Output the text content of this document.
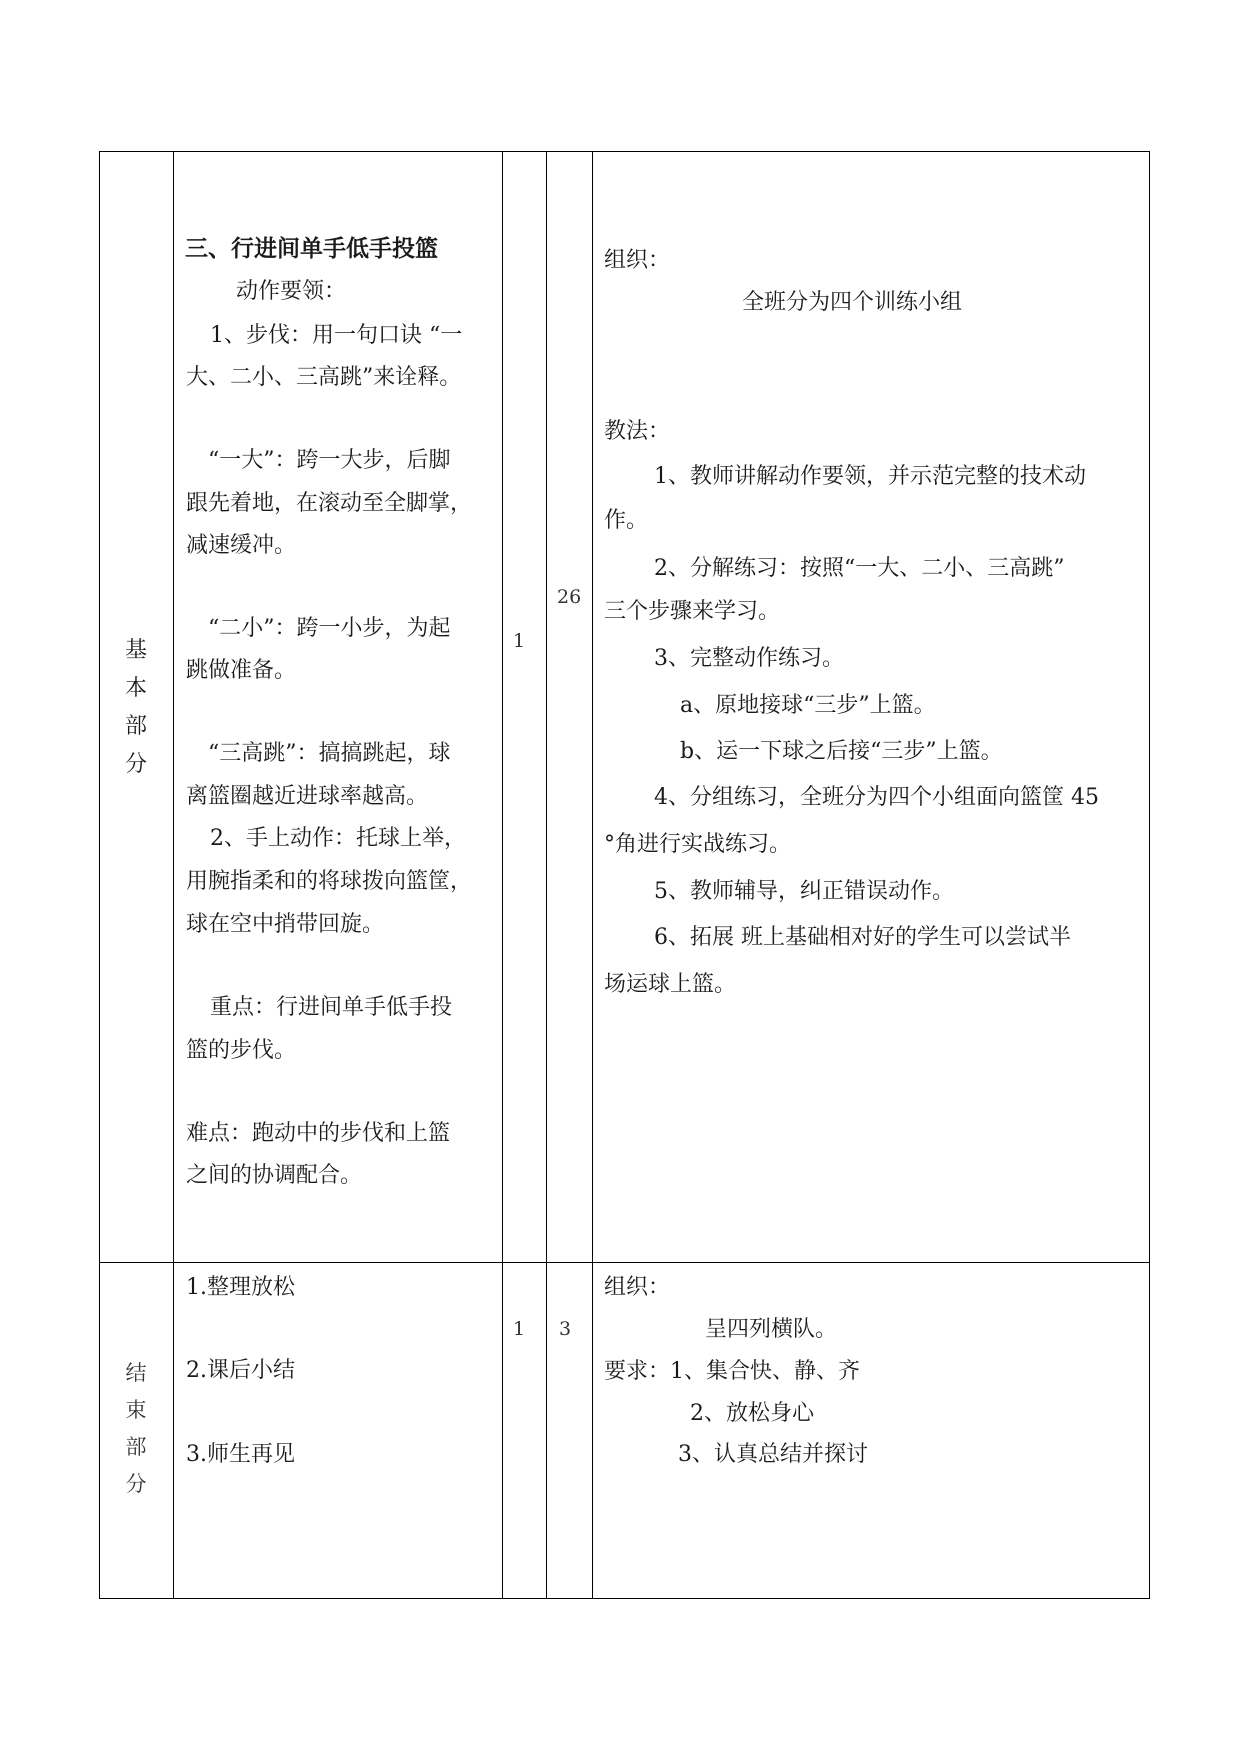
基
本
部
分
三、行进间单手低手投篮
动作要领：
1、步伐：用一句口诀 “一
大、二小、三高跳”来诠释。
“一大”：跨一大步，后脚
跟先着地，在滚动至全脚掌，
减速缓冲。
“二小”：跨一小步，为起
跳做准备。
“三高跳”：搞搞跳起，球
离篮圈越近进球率越高。
2、手上动作：托球上举，
用腕指柔和的将球拨向篮筐，
球在空中捎带回旋。
重点：行进间单手低手投
篮的步伐。
难点：跑动中的步伐和上篮
之间的协调配合。
1
26
组织：
全班分为四个训练小组
教法：
1、教师讲解动作要领，并示范完整的技术动
作。
2、分解练习：按照“一大、二小、三高跳”
三个步骤来学习。
3、完整动作练习。
a、原地接球“三步”上篮。
b、运一下球之后接“三步”上篮。
4、分组练习，全班分为四个小组面向篮筐 45
°角进行实战练习。
5、教师辅导，纠正错误动作。
6、拓展 班上基础相对好的学生可以尝试半
场运球上篮。
结
束
部
分
1.整理放松
2.课后小结
3.师生再见
1 3
组织：
呈四列横队。
要求：1、集合快、静、齐
2、放松身心
3、认真总结并探讨
